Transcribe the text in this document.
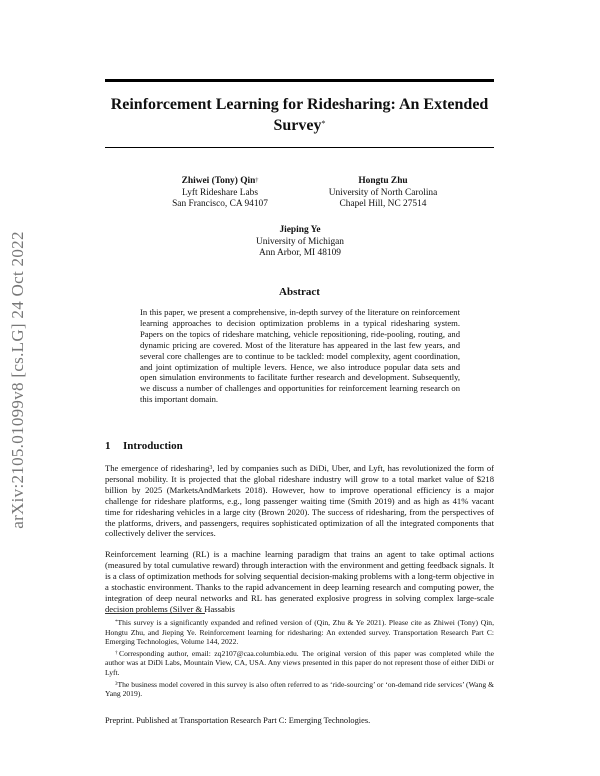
arXiv:2105.01099v8 [cs.LG] 24 Oct 2022
Reinforcement Learning for Ridesharing: An Extended Survey*
Zhiwei (Tony) Qin†
Lyft Rideshare Labs
San Francisco, CA 94107
Hongtu Zhu
University of North Carolina
Chapel Hill, NC 27514
Jieping Ye
University of Michigan
Ann Arbor, MI 48109
Abstract
In this paper, we present a comprehensive, in-depth survey of the literature on reinforcement learning approaches to decision optimization problems in a typical ridesharing system. Papers on the topics of rideshare matching, vehicle repositioning, ride-pooling, routing, and dynamic pricing are covered. Most of the literature has appeared in the last few years, and several core challenges are to continue to be tackled: model complexity, agent coordination, and joint optimization of multiple levers. Hence, we also introduce popular data sets and open simulation environments to facilitate further research and development. Subsequently, we discuss a number of challenges and opportunities for reinforcement learning research on this important domain.
1 Introduction
The emergence of ridesharing$^3$, led by companies such as DiDi, Uber, and Lyft, has revolutionized the form of personal mobility. It is projected that the global rideshare industry will grow to a total market value of $218 billion by 2025 (MarketsAndMarkets 2018). However, how to improve operational efficiency is a major challenge for rideshare platforms, e.g., long passenger waiting time (Smith 2019) and as high as 41% vacant time for ridesharing vehicles in a large city (Brown 2020). The success of ridesharing, from the perspectives of the platforms, drivers, and passengers, requires sophisticated optimization of all the integrated components that collectively deliver the services.
Reinforcement learning (RL) is a machine learning paradigm that trains an agent to take optimal actions (measured by total cumulative reward) through interaction with the environment and getting feedback signals. It is a class of optimization methods for solving sequential decision-making problems with a long-term objective in a stochastic environment. Thanks to the rapid advancement in deep learning research and computing power, the integration of deep neural networks and RL has generated explosive progress in solving complex large-scale decision problems (Silver & Hassabis

*This survey is a significantly expanded and refined version of (Qin, Zhu & Ye 2021). Please cite as Zhiwei (Tony) Qin, Hongtu Zhu, and Jieping Ye. Reinforcement learning for ridesharing: An extended survey. Transportation Research Part C: Emerging Technologies, Volume 144, 2022.

†Corresponding author, email: zq2107@caa.columbia.edu. The original version of this paper was completed while the author was at DiDi Labs, Mountain View, CA, USA. Any views presented in this paper do not represent those of either DiDi or Lyft.

$^3$The business model covered in this survey is also often referred to as ‘ride-sourcing’ or ‘on-demand ride services’ (Wang & Yang 2019).

Preprint. Published at Transportation Research Part C: Emerging Technologies.
